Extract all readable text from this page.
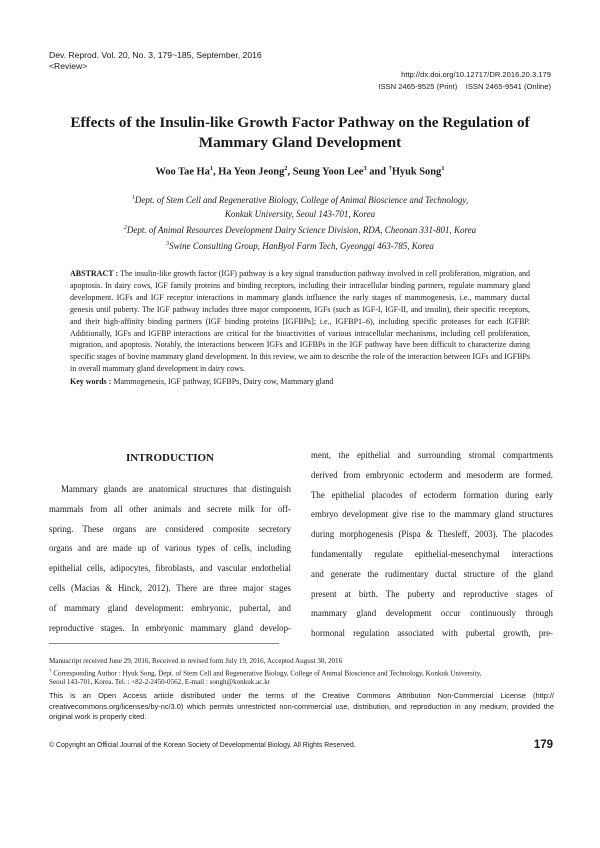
Dev. Reprod. Vol. 20, No. 3, 179~185, September, 2016
<Review>
http://dx.doi.org/10.12717/DR.2016.20.3.179
ISSN 2465-9525 (Print)    ISSN 2465-9541 (Online)
Effects of the Insulin-like Growth Factor Pathway on the Regulation of
Mammary Gland Development
Woo Tae Ha$^1$, Ha Yeon Jeong$^2$, Seung Yoon Lee$^3$ and †Hyuk Song$^1$
$^1$Dept. of Stem Cell and Regenerative Biology, College of Animal Bioscience and Technology,
Konkuk University, Seoul 143-701, Korea
$^2$Dept. of Animal Resources Development Dairy Science Division, RDA, Cheonan 331-801, Korea
$^3$Swine Consulting Group, HanByol Farm Tech, Gyeonggi 463-785, Korea
ABSTRACT : The insulin-like growth factor (IGF) pathway is a key signal transduction pathway involved in cell proliferation, migration, and apoptosis. In dairy cows, IGF family proteins and binding receptors, including their intracellular binding partners, regulate mammary gland development. IGFs and IGF receptor interactions in mammary glands influence the early stages of mammogenesis, i.e., mammary ductal genesis until puberty. The IGF pathway includes three major components, IGFs (such as IGF-I, IGF-II, and insulin), their specific receptors, and their high-affinity binding partners (IGF binding proteins [IGFBPs]; i.e., IGFBP1–6), including specific proteases for each IGFBP. Additionally, IGFs and IGFBP interactions are critical for the bioactivities of various intracellular mechanisms, including cell proliferation, migration, and apoptosis. Notably, the interactions between IGFs and IGFBPs in the IGF pathway have been difficult to characterize during specific stages of bovine mammary gland development. In this review, we aim to describe the role of the interaction between IGFs and IGFBPs in overall mammary gland development in dairy cows.
Key words : Mammogenesis, IGF pathway, IGFBPs, Dairy cow, Mammary gland
INTRODUCTION
Mammary glands are anatomical structures that distinguish
mammals from all other animals and secrete milk for off-
spring. These organs are considered composite secretory
organs and are made up of various types of cells, including
epithelial cells, adipocytes, fibroblasts, and vascular endothelial
cells (Macias & Hinck, 2012). There are three major stages
of mammary gland development: embryonic, pubertal, and
reproductive stages. In embryonic mammary gland develop-
ment, the epithelial and surrounding stromal compartments
derived from embryonic ectoderm and mesoderm are formed.
The epithelial placodes of ectoderm formation during early
embryo development give rise to the mammary gland structures
during morphogenesis (Pispa & Thesleff, 2003). The placodes
fundamentally regulate epithelial-mesenchymal interactions
and generate the rudimentary ductal structure of the gland
present at birth. The puberty and reproductive stages of
mammary gland development occur continuously through
hormonal regulation associated with pubertal growth, pre-
Manuscript received June 29, 2016, Received in revised form July 19, 2016, Accepted August 30, 2016
† Corresponding Author : Hyuk Song, Dept. of Stem Cell and Regenerative Biology, College of Animal Bioscience and Technology, Konkuk University,
Seoul 143-701, Korea. Tel. : +82-2-2450-0562, E-mail : songh@konkuk.ac.kr
This is an Open Access article distributed under the terms of the Creative Commons Attribution Non-Commercial License (http:// creativecommons.org/licenses/by-nc/3.0) which permits unrestricted non-commercial use, distribution, and reproduction in any medium, provided the original work is properly cited.
© Copyright an Official Journal of the Korean Society of Developmental Biology. All Rights Reserved.	179
